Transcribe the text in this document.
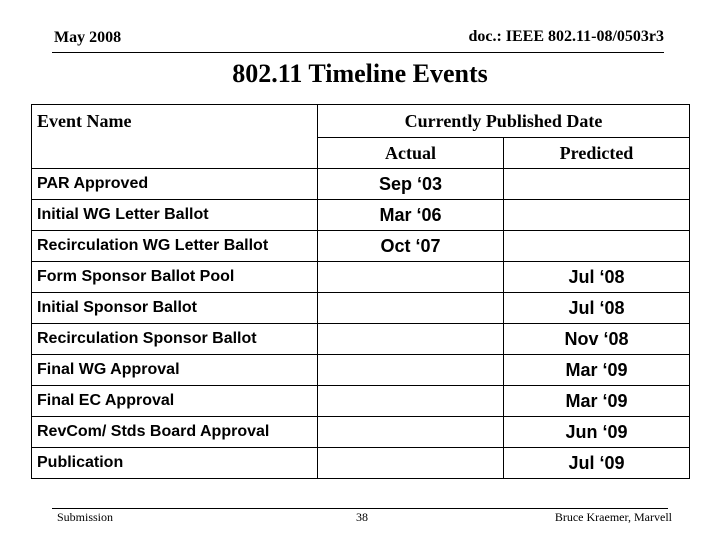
May 2008	doc.: IEEE 802.11-08/0503r3
802.11 Timeline Events
Event Name	Currently Published Date	
	Actual	Predicted
PAR Approved	Sep ‘03	
Initial WG Letter Ballot	Mar ‘06	
Recirculation WG Letter Ballot	Oct ‘07	
Form Sponsor Ballot Pool		Jul ‘08
Initial Sponsor Ballot		Jul ‘08
Recirculation Sponsor Ballot		Nov ‘08
Final WG Approval		Mar ‘09
Final EC Approval		Mar ‘09
RevCom/ Stds Board Approval		Jun ‘09
Publication		Jul ‘09
Submission	38	Bruce Kraemer, Marvell
